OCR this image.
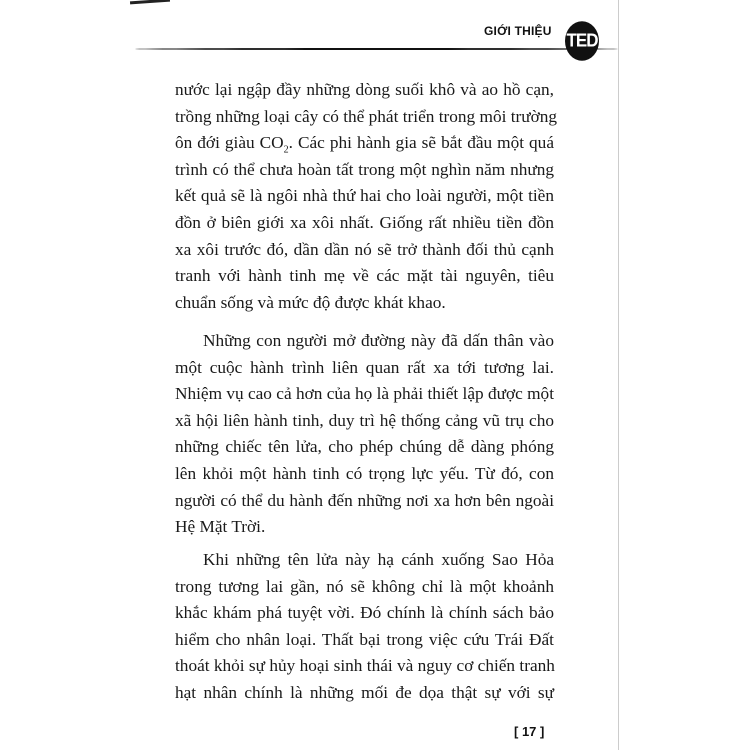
GIỚI THIỆU TED
nước lại ngập đầy những dòng suối khô và ao hồ cạn,
trồng những loại cây có thể phát triển trong môi trường
ôn đới giàu $CO_2$. Các phi hành gia sẽ bắt đầu một quá
trình có thể chưa hoàn tất trong một nghìn năm nhưng
kết quả sẽ là ngôi nhà thứ hai cho loài người, một tiền
đồn ở biên giới xa xôi nhất. Giống rất nhiều tiền đồn
xa xôi trước đó, dần dần nó sẽ trở thành đối thủ cạnh
tranh với hành tinh mẹ về các mặt tài nguyên, tiêu
chuẩn sống và mức độ được khát khao.
Những con người mở đường này đã dấn thân vào
một cuộc hành trình liên quan rất xa tới tương lai.
Nhiệm vụ cao cả hơn của họ là phải thiết lập được một
xã hội liên hành tinh, duy trì hệ thống cảng vũ trụ cho
những chiếc tên lửa, cho phép chúng dễ dàng phóng
lên khỏi một hành tinh có trọng lực yếu. Từ đó, con
người có thể du hành đến những nơi xa hơn bên ngoài
Hệ Mặt Trời.
Khi những tên lửa này hạ cánh xuống Sao Hỏa
trong tương lai gần, nó sẽ không chỉ là một khoảnh
khắc khám phá tuyệt vời. Đó chính là chính sách bảo
hiểm cho nhân loại. Thất bại trong việc cứu Trái Đất
thoát khỏi sự hủy hoại sinh thái và nguy cơ chiến tranh
hạt nhân chính là những mối đe dọa thật sự với sự
[ 17 ]
